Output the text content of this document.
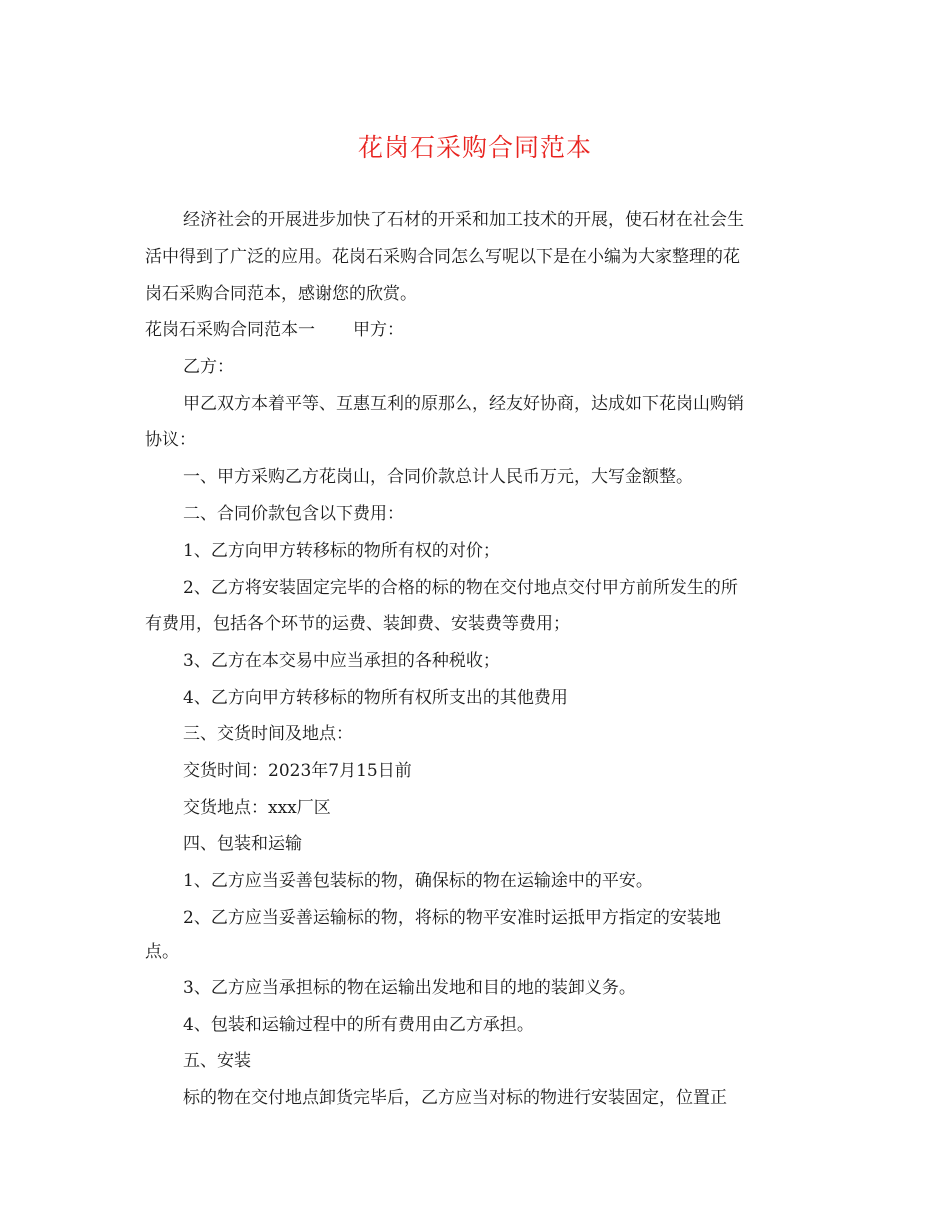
花岗石采购合同范本
经济社会的开展进步加快了石材的开采和加工技术的开展，使石材在社会生
活中得到了广泛的应用。花岗石采购合同怎么写呢以下是在小编为大家整理的花
岗石采购合同范本，感谢您的欣赏。
花岗石采购合同范本一 甲方：
乙方：
甲乙双方本着平等、互惠互利的原那么，经友好协商，达成如下花岗山购销
协议：
一、甲方采购乙方花岗山，合同价款总计人民币万元，大写金额整。
二、合同价款包含以下费用：
1、乙方向甲方转移标的物所有权的对价；
2、乙方将安装固定完毕的合格的标的物在交付地点交付甲方前所发生的所
有费用，包括各个环节的运费、装卸费、安装费等费用；
3、乙方在本交易中应当承担的各种税收；
4、乙方向甲方转移标的物所有权所支出的其他费用
三、交货时间及地点：
交货时间：2023年7月15日前
交货地点：xxx厂区
四、包装和运输
1、乙方应当妥善包装标的物，确保标的物在运输途中的平安。
2、乙方应当妥善运输标的物，将标的物平安准时运抵甲方指定的安装地
点。
3、乙方应当承担标的物在运输出发地和目的地的装卸义务。
4、包装和运输过程中的所有费用由乙方承担。
五、安装
标的物在交付地点卸货完毕后，乙方应当对标的物进行安装固定，位置正
